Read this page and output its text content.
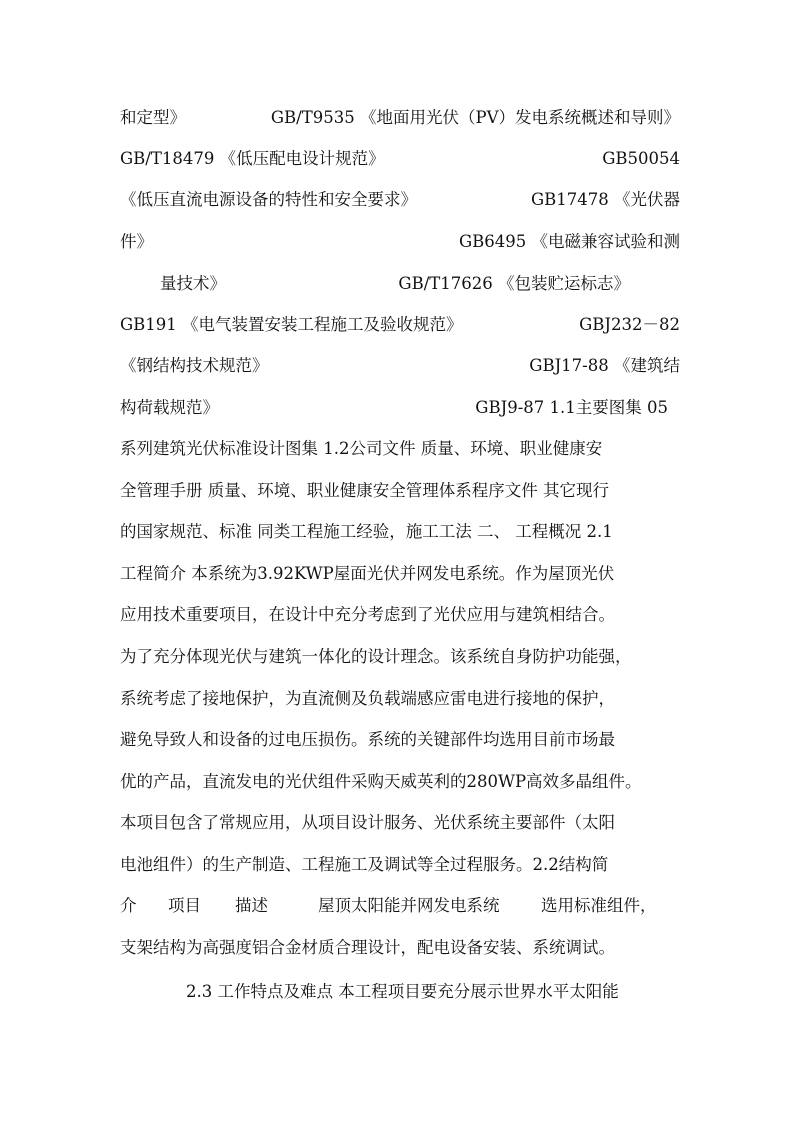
和定型》	GB/T9535 《地面用光伏（PV）发电系统概述和导则》
GB/T18479 《低压配电设计规范》	GB50054
《低压直流电源设备的特性和安全要求》	GB17478 《光伏器
件》	GB6495 《电磁兼容试验和测
量技术》	GB/T17626 《包装贮运标志》
GB191 《电气装置安装工程施工及验收规范》	GBJ232－82
《钢结构技术规范》	GBJ17-88 《建筑结
构荷载规范》	GBJ9-87 1.1主要图集 05
系列建筑光伏标准设计图集 1.2公司文件 质量、环境、职业健康安
全管理手册 质量、环境、职业健康安全管理体系程序文件 其它现行
的国家规范、标准 同类工程施工经验，施工工法 二、 工程概况 2.1
工程简介 本系统为3.92KWP屋面光伏并网发电系统。作为屋顶光伏
应用技术重要项目，在设计中充分考虑到了光伏应用与建筑相结合。
为了充分体现光伏与建筑一体化的设计理念。该系统自身防护功能强，
系统考虑了接地保护，为直流侧及负载端感应雷电进行接地的保护，
避免导致人和设备的过电压损伤。系统的关键部件均选用目前市场最
优的产品，直流发电的光伏组件采购天威英利的280WP高效多晶组件。
本项目包含了常规应用，从项目设计服务、光伏系统主要部件（太阳
电池组件）的生产制造、工程施工及调试等全过程服务。2.2结构简
介 项目 描述	屋顶太阳能并网发电系统	选用标准组件，
支架结构为高强度铝合金材质合理设计，配电设备安装、系统调试。
2.3 工作特点及难点 本工程项目要充分展示世界水平太阳能
